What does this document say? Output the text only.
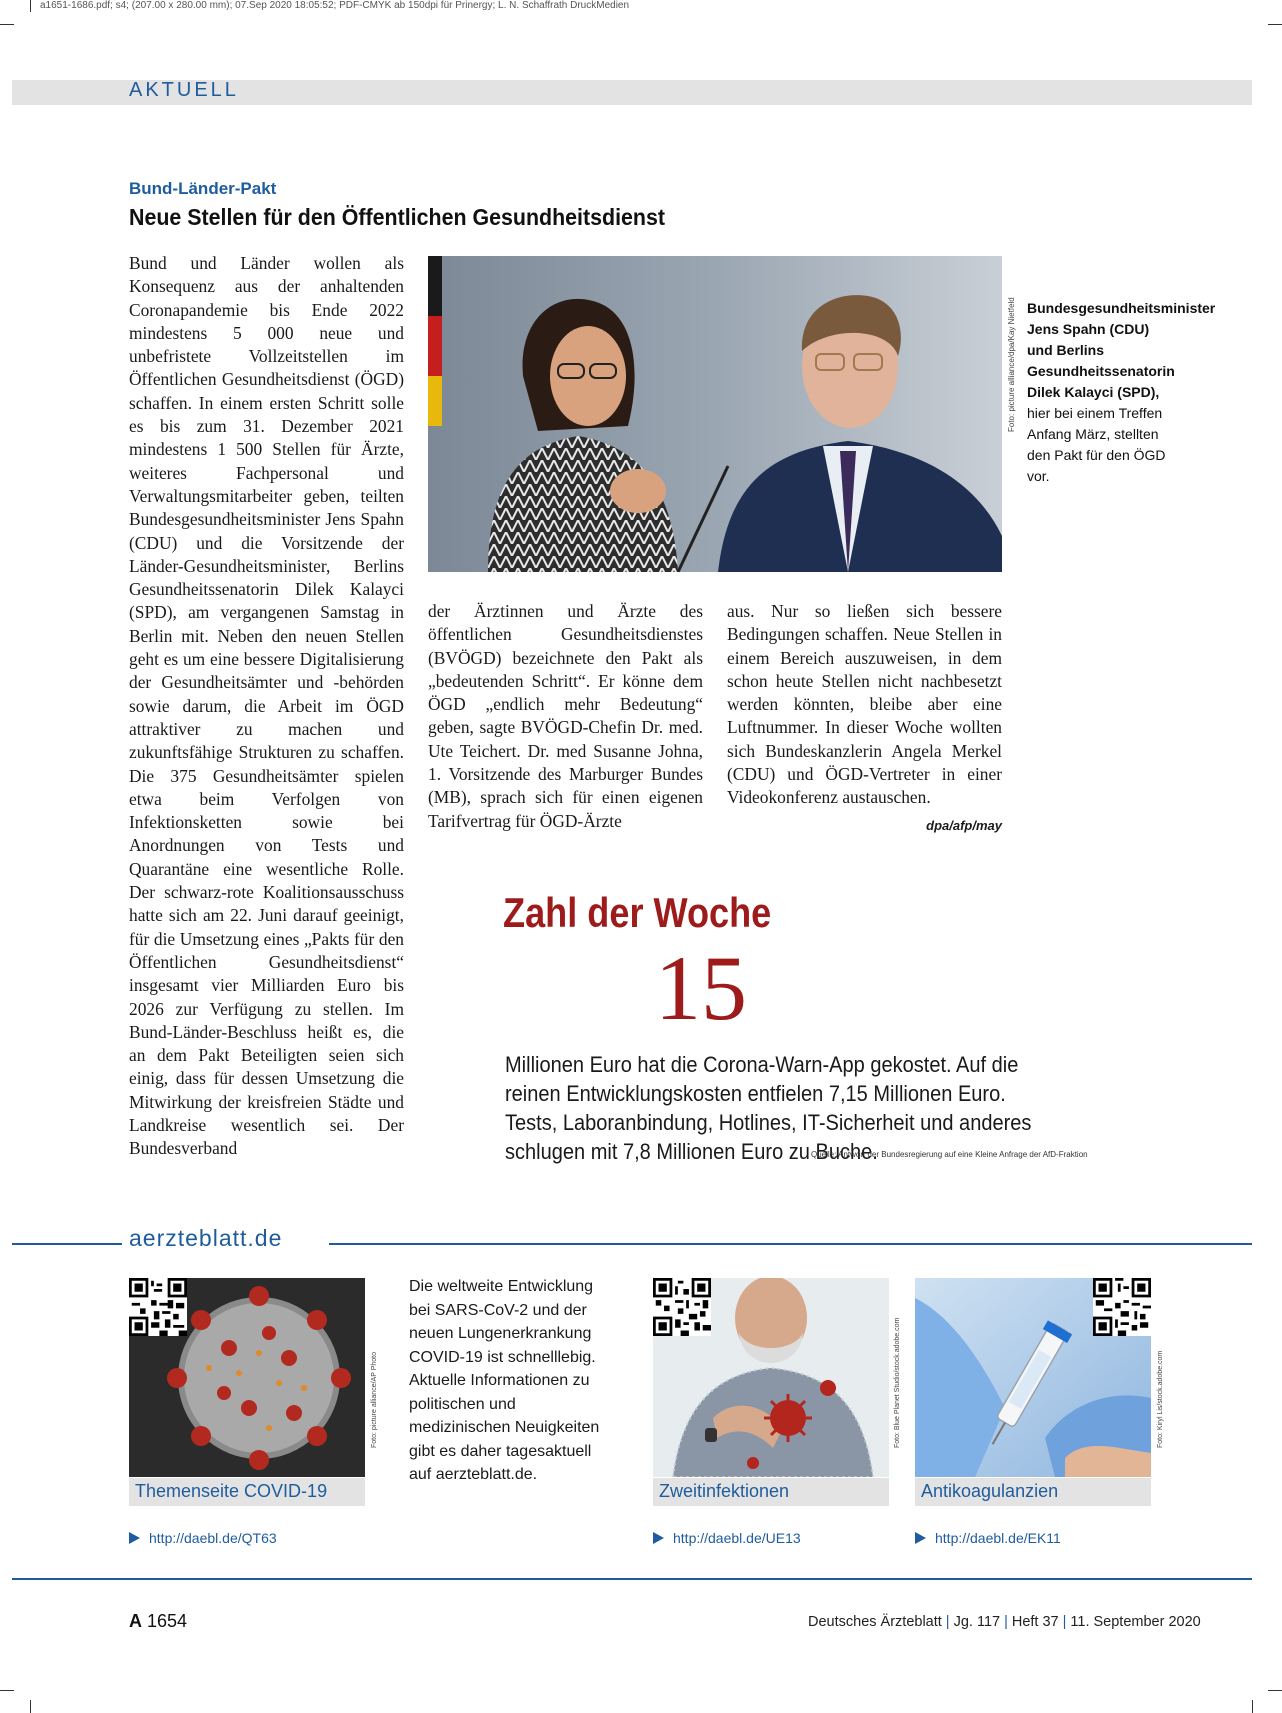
a1651-1686.pdf; s4; (207.00 x 280.00 mm); 07.Sep 2020 18:05:52; PDF-CMYK ab 150dpi für Prinergy; L. N. Schaffrath DruckMedien
AKTUELL
Bund-Länder-Pakt
Neue Stellen für den Öffentlichen Gesundheitsdienst
Bund und Länder wollen als Konsequenz aus der anhaltenden Coronapandemie bis Ende 2022 mindestens 5 000 neue und unbefristete Vollzeitstellen im Öffentlichen Gesundheitsdienst (ÖGD) schaffen. In einem ersten Schritt solle es bis zum 31. Dezember 2021 mindestens 1 500 Stellen für Ärzte, weiteres Fachpersonal und Verwaltungsmitarbeiter geben, teilten Bundesgesundheitsminister Jens Spahn (CDU) und die Vorsitzende der Länder-Gesundheitsminister, Berlins Gesundheitssenatorin Dilek Kalayci (SPD), am vergangenen Samstag in Berlin mit. Neben den neuen Stellen geht es um eine bessere Digitalisierung der Gesundheitsämter und -behörden sowie darum, die Arbeit im ÖGD attraktiver zu machen und zukunftsfähige Strukturen zu schaffen. Die 375 Gesundheitsämter spielen etwa beim Verfolgen von Infektionsketten sowie bei Anordnungen von Tests und Quarantäne eine wesentliche Rolle. Der schwarz-rote Koalitionsausschuss hatte sich am 22. Juni darauf geeinigt, für die Umsetzung eines „Pakts für den Öffentlichen Gesundheitsdienst“ insgesamt vier Milliarden Euro bis 2026 zur Verfügung zu stellen. Im Bund-Länder-Beschluss heißt es, die an dem Pakt Beteiligten seien sich einig, dass für dessen Umsetzung die Mitwirkung der kreisfreien Städte und Landkreise wesentlich sei. Der Bundesverband
der Ärztinnen und Ärzte des öffentlichen Gesundheitsdienstes (BVÖGD) bezeichnete den Pakt als „bedeutenden Schritt“. Er könne dem ÖGD „endlich mehr Bedeutung“ geben, sagte BVÖGD-Chefin Dr. med. Ute Teichert. Dr. med Susanne Johna, 1. Vorsitzende des Marburger Bundes (MB), sprach sich für einen eigenen Tarifvertrag für ÖGD-Ärzte
aus. Nur so ließen sich bessere Bedingungen schaffen. Neue Stellen in einem Bereich auszuweisen, in dem schon heute Stellen nicht nachbesetzt werden könnten, bleibe aber eine Luftnummer. In dieser Woche wollten sich Bundeskanzlerin Angela Merkel (CDU) und ÖGD-Vertreter in einer Videokonferenz austauschen.
dpa/afp/may
Foto: picture alliance/dpa/Kay Nietfeld Bundesgesundheitsminister Jens Spahn (CDU) und Berlins Gesundheitssenatorin Dilek Kalayci (SPD), hier bei einem Treffen Anfang März, stellten den Pakt für den ÖGD vor.
Zahl der Woche
15
Millionen Euro hat die Corona-Warn-App gekostet. Auf die reinen Entwicklungskosten entfielen 7,15 Millionen Euro. Tests, Laboranbindung, Hotlines, IT-Sicherheit und anderes schlugen mit 7,8 Millionen Euro zu Buche.
Quelle: Antwort der Bundesregierung auf eine Kleine Anfrage der AfD-Fraktion
aerzteblatt.de
Foto: picture alliance/AP Photo
Themenseite COVID-19
http://daebl.de/QT63
Die weltweite Entwicklung bei SARS-CoV-2 und der neuen Lungenerkrankung COVID-19 ist schnelllebig. Aktuelle Informationen zu politischen und medizinischen Neuigkeiten gibt es daher tagesaktuell auf aerzteblatt.de.
Foto: Blue Planet Studio/stock.adobe.com
Zweitinfektionen
http://daebl.de/UE13
Foto: Kiryl Lis/stock.adobe.com
Antikoagulanzien
http://daebl.de/EK11
A 1654	Deutsches Ärzteblatt | Jg. 117 | Heft 37 | 11. September 2020
